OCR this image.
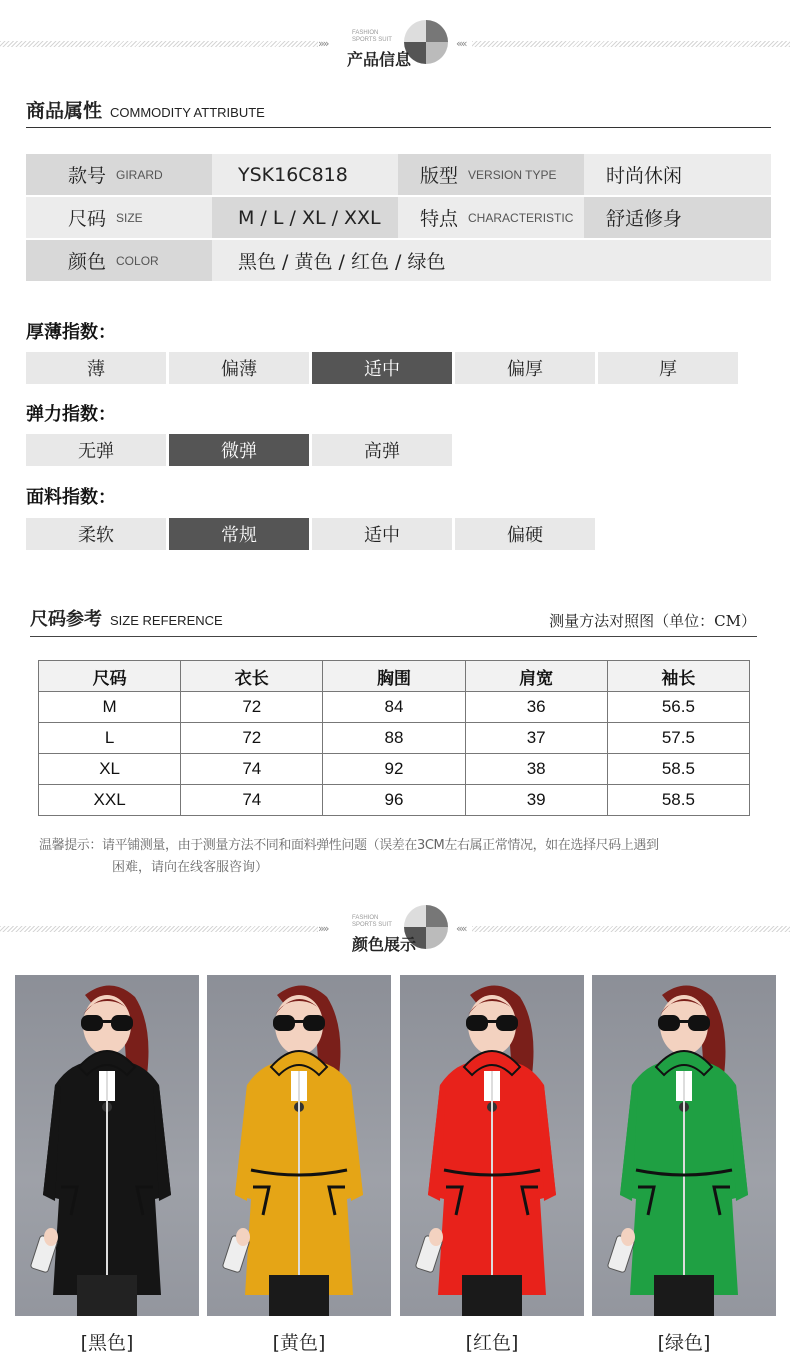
»»	««
FASHION
SPORTS SUIT
产品信息
商品属性 COMMODITY ATTRIBUTE
款号 GIRARD	YSK16C818	版型 VERSION TYPE	时尚休闲
尺码 SIZE	M / L / XL / XXL	特点 CHARACTERISTIC	舒适修身
颜色 COLOR	黑色 / 黄色 / 红色 / 绿色
厚薄指数：
薄	偏薄	适中	偏厚	厚
弹力指数：
无弹	微弹	高弹
面料指数：
柔软	常规	适中	偏硬
尺码参考 SIZE REFERENCE	测量方法对照图（单位：CM）
尺码	衣长	胸围	肩宽	袖长
M	72	84	36	56.5
L	72	88	37	57.5
XL	74	92	38	58.5
XXL	74	96	39	58.5
温馨提示：请平铺测量，由于测量方法不同和面料弹性问题（误差在3CM左右属正常情况，如在选择尺码上遇到
困难，请向在线客服咨询）
»»	««
FASHION
SPORTS SUIT
颜色展示
[黑色]	[黄色]	[红色]	[绿色]
